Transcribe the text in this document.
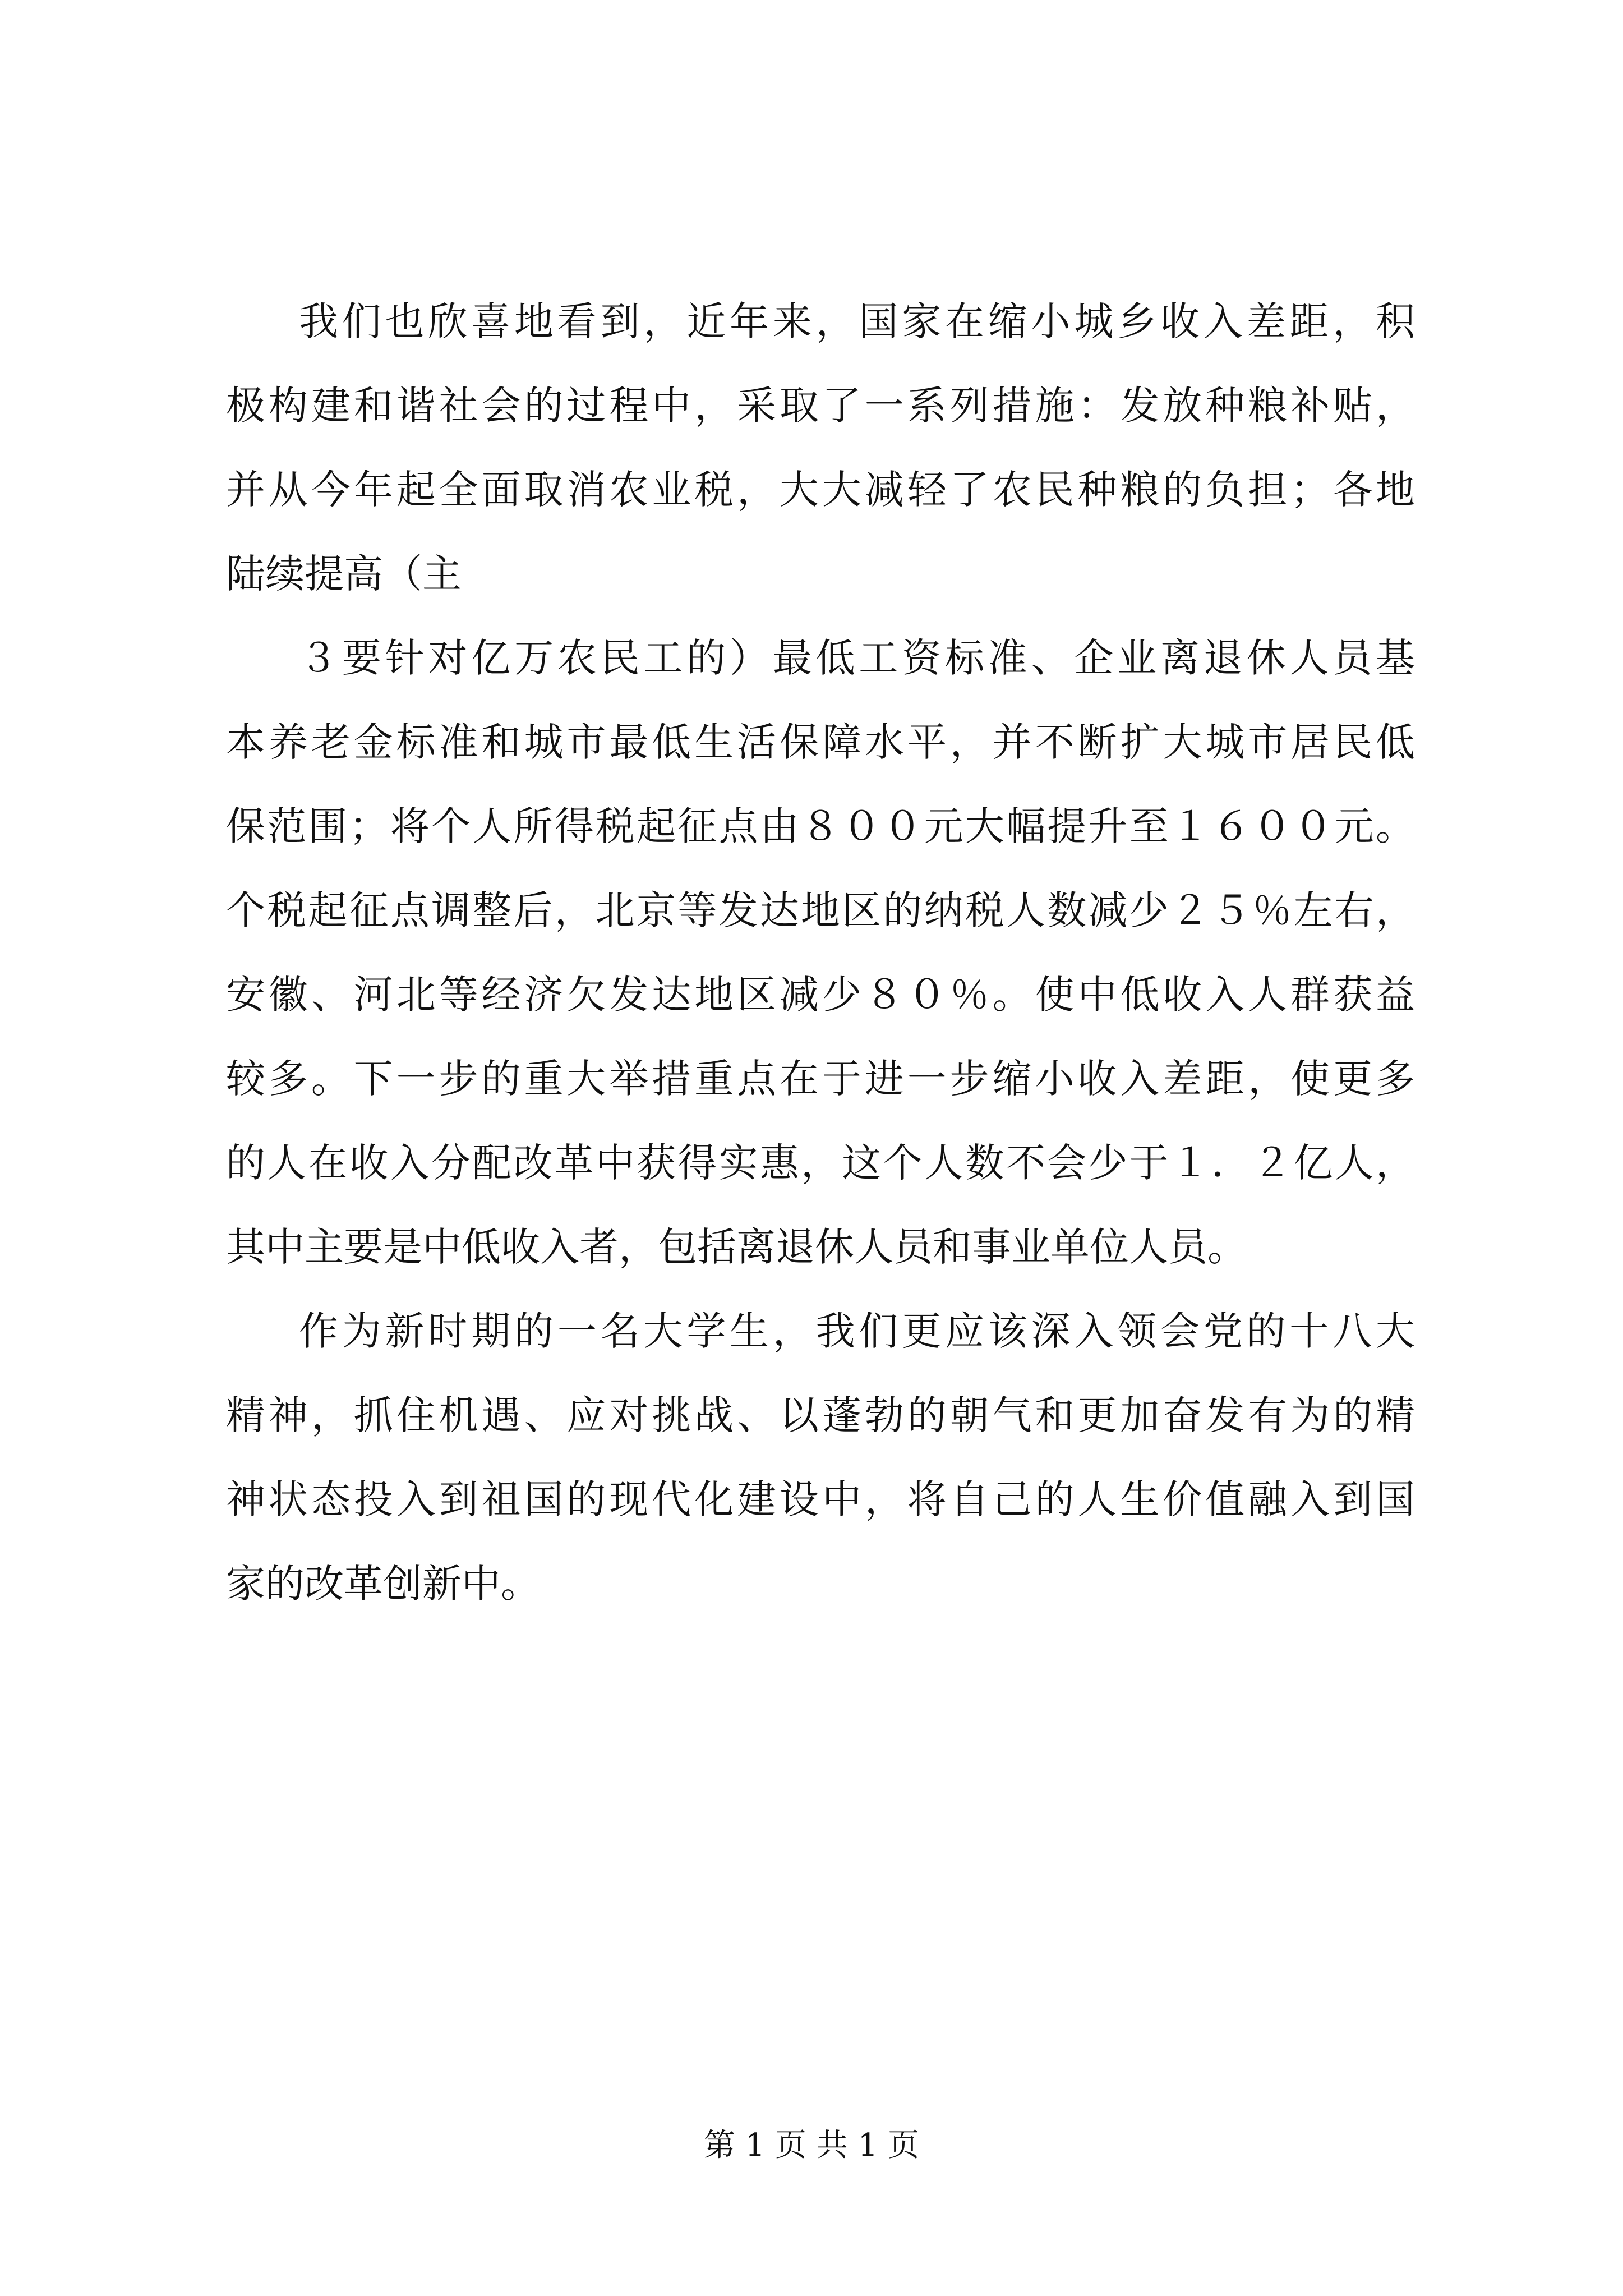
我们也欣喜地看到，近年来，国家在缩小城乡收入差距，积
极构建和谐社会的过程中，采取了一系列措施：发放种粮补贴，
并从今年起全面取消农业税，大大减轻了农民种粮的负担；各地
陆续提高（主
３要针对亿万农民工的）最低工资标准、企业离退休人员基
本养老金标准和城市最低生活保障水平，并不断扩大城市居民低
保范围；将个人所得税起征点由８００元大幅提升至１６００元。
个税起征点调整后，北京等发达地区的纳税人数减少２５％左右，
安徽、河北等经济欠发达地区减少８０％。使中低收入人群获益
较多。下一步的重大举措重点在于进一步缩小收入差距，使更多
的人在收入分配改革中获得实惠，这个人数不会少于１．２亿人，
其中主要是中低收入者，包括离退休人员和事业单位人员。
作为新时期的一名大学生，我们更应该深入领会党的十八大
精神，抓住机遇、应对挑战、以蓬勃的朝气和更加奋发有为的精
神状态投入到祖国的现代化建设中，将自己的人生价值融入到国
家的改革创新中。
第 1 页 共 1 页
